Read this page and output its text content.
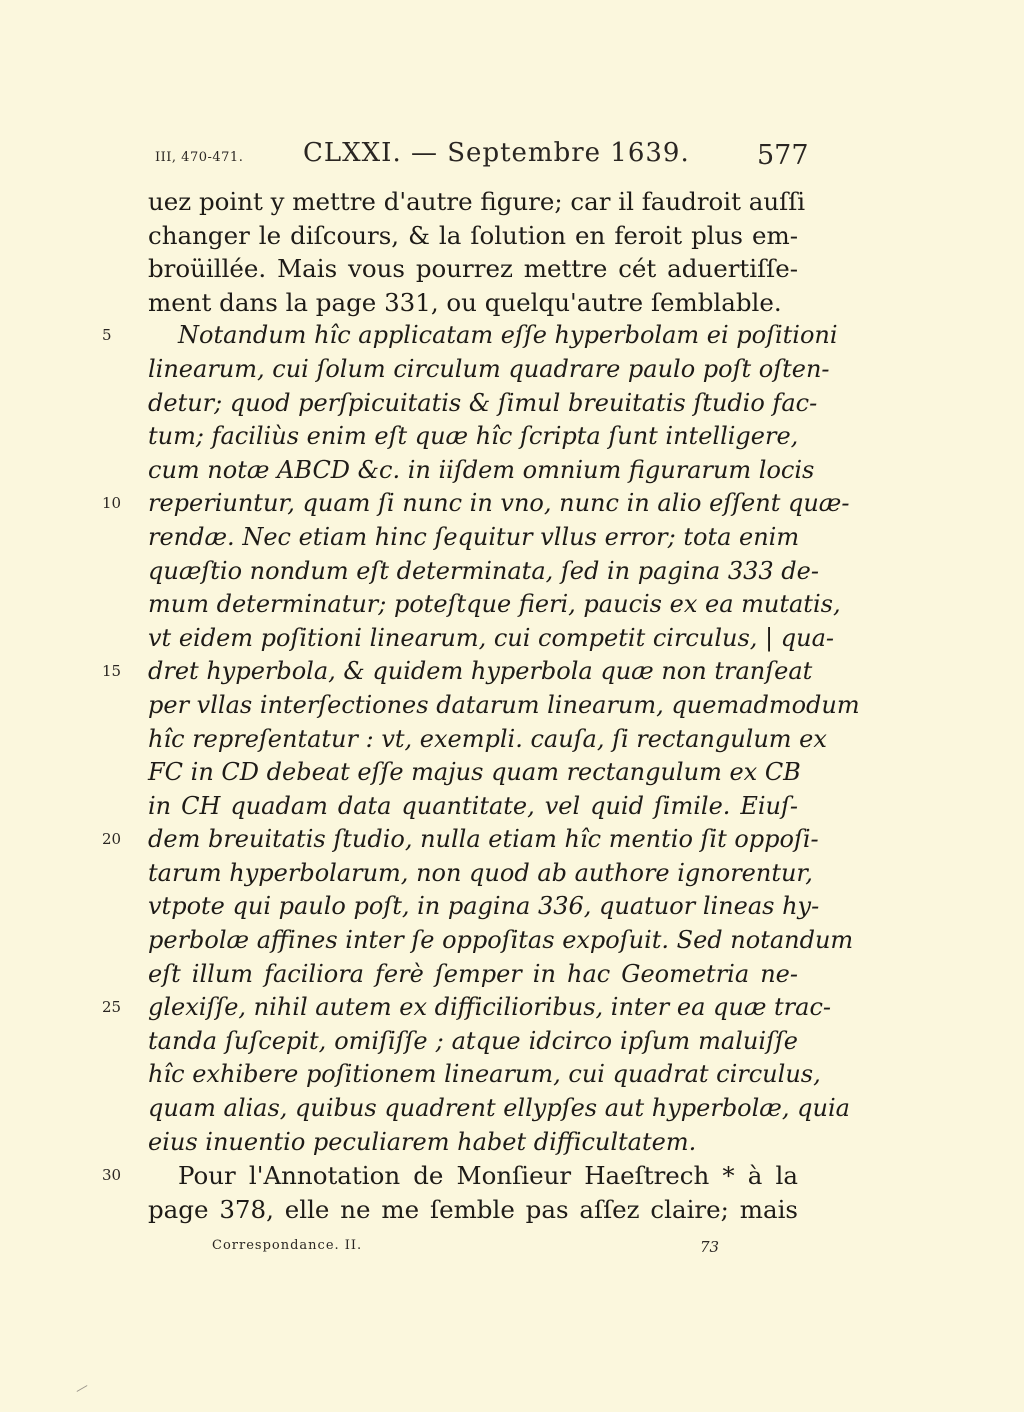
III, 470-471. CLXXI. — Septembre 1639. 577
uez point y mettre d'autre figure; car il faudroit auſſi
changer le diſcours, & la ſolution en feroit plus em-
broüillée. Mais vous pourrez mettre cét aduertiſſe-
ment dans la page 331, ou quelqu'autre ſemblable.
5	Notandum hîc applicatam eſſe hyperbolam ei poſitioni
linearum, cui ſolum circulum quadrare paulo poſt oſten-
detur; quod perſpicuitatis & ſimul breuitatis ſtudio fac-
tum; faciliùs enim eſt quæ hîc ſcripta ſunt intelligere,
cum notæ ABCD &c. in iiſdem omnium figurarum locis
10 reperiuntur, quam ſi nunc in vno, nunc in alio eſſent quæ-
rendæ. Nec etiam hinc ſequitur vllus error; tota enim
quæſtio nondum eſt determinata, ſed in pagina 333 de-
mum determinatur; poteſtque fieri, paucis ex ea mutatis,
vt eidem poſitioni linearum, cui competit circulus, | qua-
15 dret hyperbola, & quidem hyperbola quæ non tranſeat
per vllas interſectiones datarum linearum, quemadmodum
hîc repreſentatur : vt, exempli. cauſa, ſi rectangulum ex
FC in CD debeat eſſe majus quam rectangulum ex CB
in CH quadam data quantitate, vel quid ſimile. Eiuſ-
20 dem breuitatis ſtudio, nulla etiam hîc mentio ſit oppoſi-
tarum hyperbolarum, non quod ab authore ignorentur,
vtpote qui paulo poſt, in pagina 336, quatuor lineas hy-
perbolæ affines inter ſe oppoſitas expoſuit. Sed notandum
eſt illum faciliora ferè ſemper in hac Geometria ne-
25 glexiſſe, nihil autem ex difficilioribus, inter ea quæ trac-
tanda ſuſcepit, omiſiſſe ; atque idcirco ipſum maluiſſe
hîc exhibere poſitionem linearum, cui quadrat circulus,
quam alias, quibus quadrent ellypſes aut hyperbolæ, quia
eius inuentio peculiarem habet difficultatem.
30 Pour l'Annotation de Monſieur Haeſtrech * à la
page 378, elle ne me ſemble pas aſſez claire; mais
Correspondance. II.	73
